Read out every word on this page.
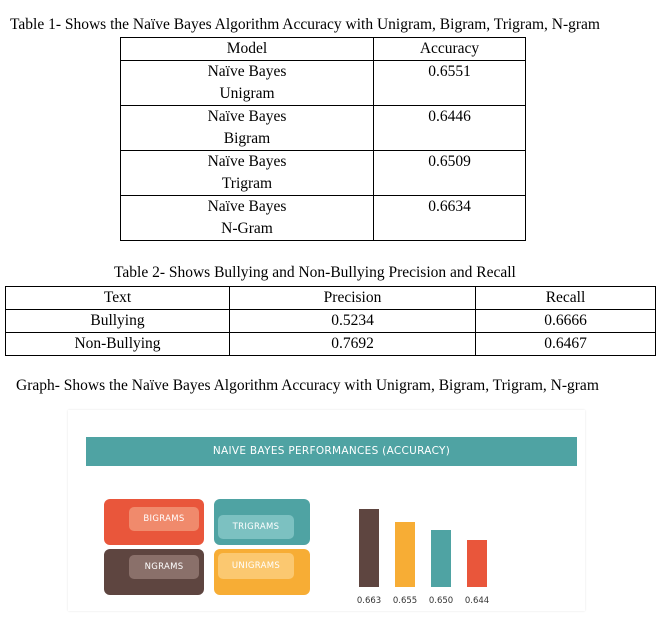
Table 1- Shows the Naïve Bayes Algorithm Accuracy with Unigram, Bigram, Trigram, N-gram
Model	Accuracy
Naïve Bayes
Unigram	0.6551
Naïve Bayes
Bigram	0.6446
Naïve Bayes
Trigram	0.6509
Naïve Bayes
N-Gram	0.6634
Table 2- Shows Bullying and Non-Bullying Precision and Recall
Text	Precision	Recall
Bullying	0.5234	0.6666
Non-Bullying	0.7692	0.6467
Graph- Shows the Naïve Bayes Algorithm Accuracy with Unigram, Bigram, Trigram, N-gram
NAIVE BAYES PERFORMANCES (ACCURACY)
BIGRAMS
TRIGRAMS
NGRAMS	UNIGRAMS
0.663	0.655	0.650	0.644
